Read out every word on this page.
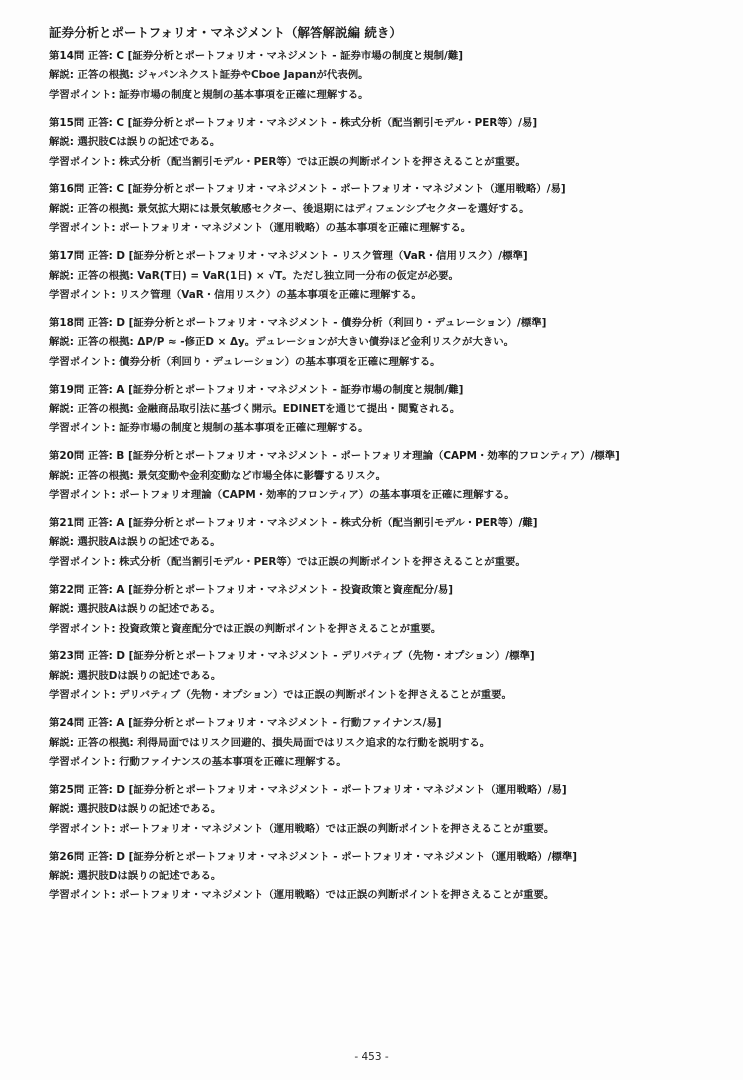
証券分析とポートフォリオ・マネジメント（解答解説編 続き）
第14問 正答: C [証券分析とポートフォリオ・マネジメント - 証券市場の制度と規制/難]
解説: 正答の根拠: ジャパンネクスト証券やCboe Japanが代表例。
学習ポイント: 証券市場の制度と規制の基本事項を正確に理解する。
第15問 正答: C [証券分析とポートフォリオ・マネジメント - 株式分析（配当割引モデル・PER等）/易]
解説: 選択肢Cは誤りの記述である。
学習ポイント: 株式分析（配当割引モデル・PER等）では正誤の判断ポイントを押さえることが重要。
第16問 正答: C [証券分析とポートフォリオ・マネジメント - ポートフォリオ・マネジメント（運用戦略）/易]
解説: 正答の根拠: 景気拡大期には景気敏感セクター、後退期にはディフェンシブセクターを選好する。
学習ポイント: ポートフォリオ・マネジメント（運用戦略）の基本事項を正確に理解する。
第17問 正答: D [証券分析とポートフォリオ・マネジメント - リスク管理（VaR・信用リスク）/標準]
解説: 正答の根拠: VaR(T日) = VaR(1日) × √T。ただし独立同一分布の仮定が必要。
学習ポイント: リスク管理（VaR・信用リスク）の基本事項を正確に理解する。
第18問 正答: D [証券分析とポートフォリオ・マネジメント - 債券分析（利回り・デュレーション）/標準]
解説: 正答の根拠: ΔP/P ≈ -修正D × Δy。デュレーションが大きい債券ほど金利リスクが大きい。
学習ポイント: 債券分析（利回り・デュレーション）の基本事項を正確に理解する。
第19問 正答: A [証券分析とポートフォリオ・マネジメント - 証券市場の制度と規制/難]
解説: 正答の根拠: 金融商品取引法に基づく開示。EDINETを通じて提出・閲覧される。
学習ポイント: 証券市場の制度と規制の基本事項を正確に理解する。
第20問 正答: B [証券分析とポートフォリオ・マネジメント - ポートフォリオ理論（CAPM・効率的フロンティア）/標準]
解説: 正答の根拠: 景気変動や金利変動など市場全体に影響するリスク。
学習ポイント: ポートフォリオ理論（CAPM・効率的フロンティア）の基本事項を正確に理解する。
第21問 正答: A [証券分析とポートフォリオ・マネジメント - 株式分析（配当割引モデル・PER等）/難]
解説: 選択肢Aは誤りの記述である。
学習ポイント: 株式分析（配当割引モデル・PER等）では正誤の判断ポイントを押さえることが重要。
第22問 正答: A [証券分析とポートフォリオ・マネジメント - 投資政策と資産配分/易]
解説: 選択肢Aは誤りの記述である。
学習ポイント: 投資政策と資産配分では正誤の判断ポイントを押さえることが重要。
第23問 正答: D [証券分析とポートフォリオ・マネジメント - デリバティブ（先物・オプション）/標準]
解説: 選択肢Dは誤りの記述である。
学習ポイント: デリバティブ（先物・オプション）では正誤の判断ポイントを押さえることが重要。
第24問 正答: A [証券分析とポートフォリオ・マネジメント - 行動ファイナンス/易]
解説: 正答の根拠: 利得局面ではリスク回避的、損失局面ではリスク追求的な行動を説明する。
学習ポイント: 行動ファイナンスの基本事項を正確に理解する。
第25問 正答: D [証券分析とポートフォリオ・マネジメント - ポートフォリオ・マネジメント（運用戦略）/易]
解説: 選択肢Dは誤りの記述である。
学習ポイント: ポートフォリオ・マネジメント（運用戦略）では正誤の判断ポイントを押さえることが重要。
第26問 正答: D [証券分析とポートフォリオ・マネジメント - ポートフォリオ・マネジメント（運用戦略）/標準]
解説: 選択肢Dは誤りの記述である。
学習ポイント: ポートフォリオ・マネジメント（運用戦略）では正誤の判断ポイントを押さえることが重要。
- 453 -
